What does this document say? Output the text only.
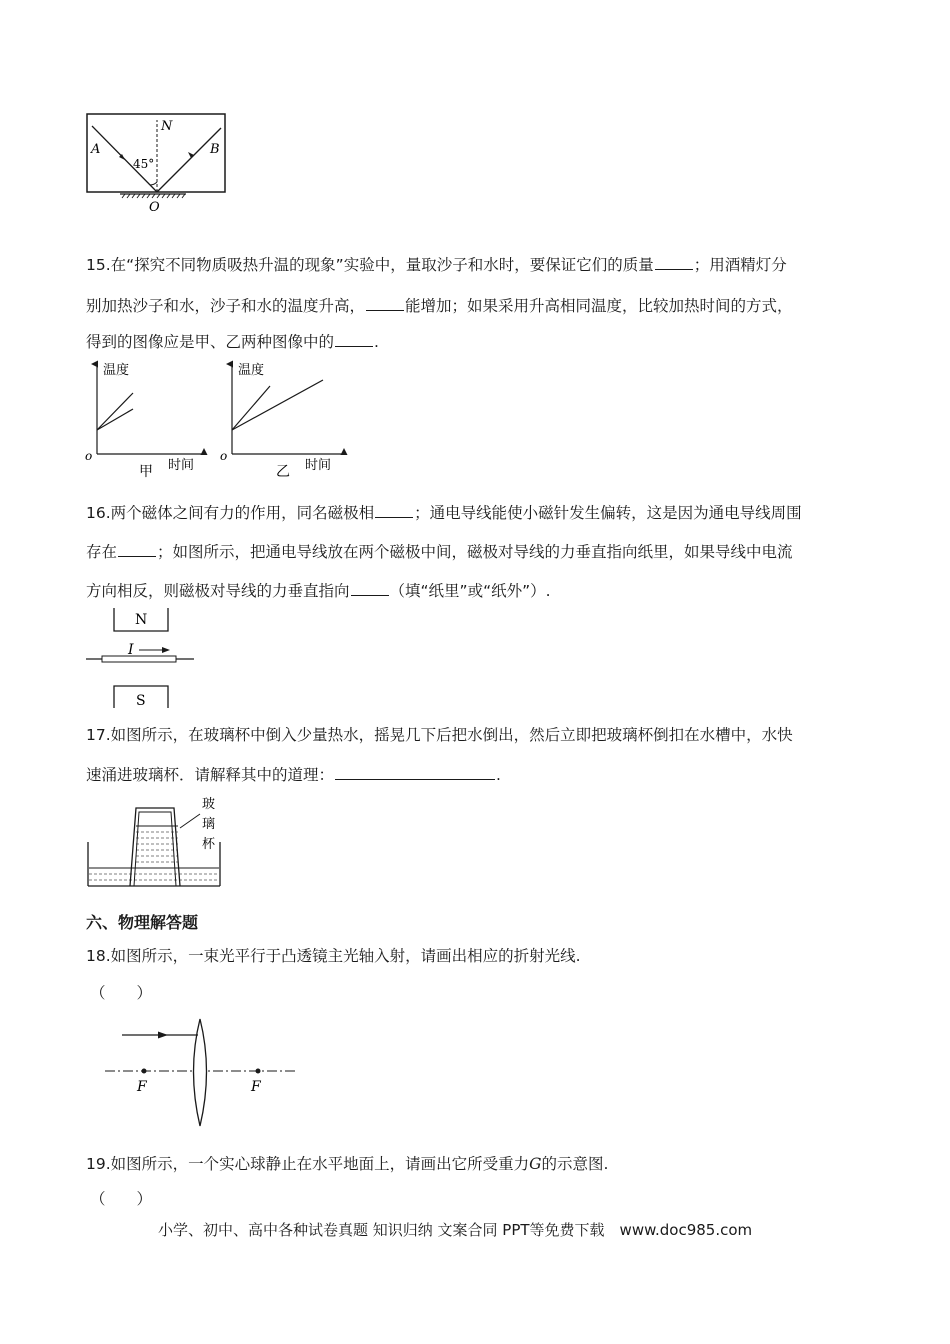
N
A	B
O
45°
15.在“探究不同物质吸热升温的现象”实验中，量取沙子和水时，要保证它们的质量	；用酒精灯分
别加热沙子和水，沙子和水的温度升高，	能增加；如果采用升高相同温度，比较加热时间的方式，
得到的图像应是甲、乙两种图像中的	.
温度
o
甲 时间
温度
o
乙 时间
16.两个磁体之间有力的作用，同名磁极相	；通电导线能使小磁针发生偏转，这是因为通电导线周围
存在	；如图所示，把通电导线放在两个磁极中间，磁极对导线的力垂直指向纸里，如果导线中电流
方向相反，则磁极对导线的力垂直指向	（填“纸里”或“纸外”）.
N
S
I
17.如图所示，在玻璃杯中倒入少量热水，摇晃几下后把水倒出，然后立即把玻璃杯倒扣在水槽中，水快
速涌进玻璃杯．请解释其中的道理：	.
玻
璃
杯
六、物理解答题
18.如图所示，一束光平行于凸透镜主光轴入射，请画出相应的折射光线.
（　　）
F	F
19.如图所示，一个实心球静止在水平地面上，请画出它所受重力G的示意图.
（　　）
小学、初中、高中各种试卷真题 知识归纳 文案合同 PPT等免费下载　www.doc985.com
